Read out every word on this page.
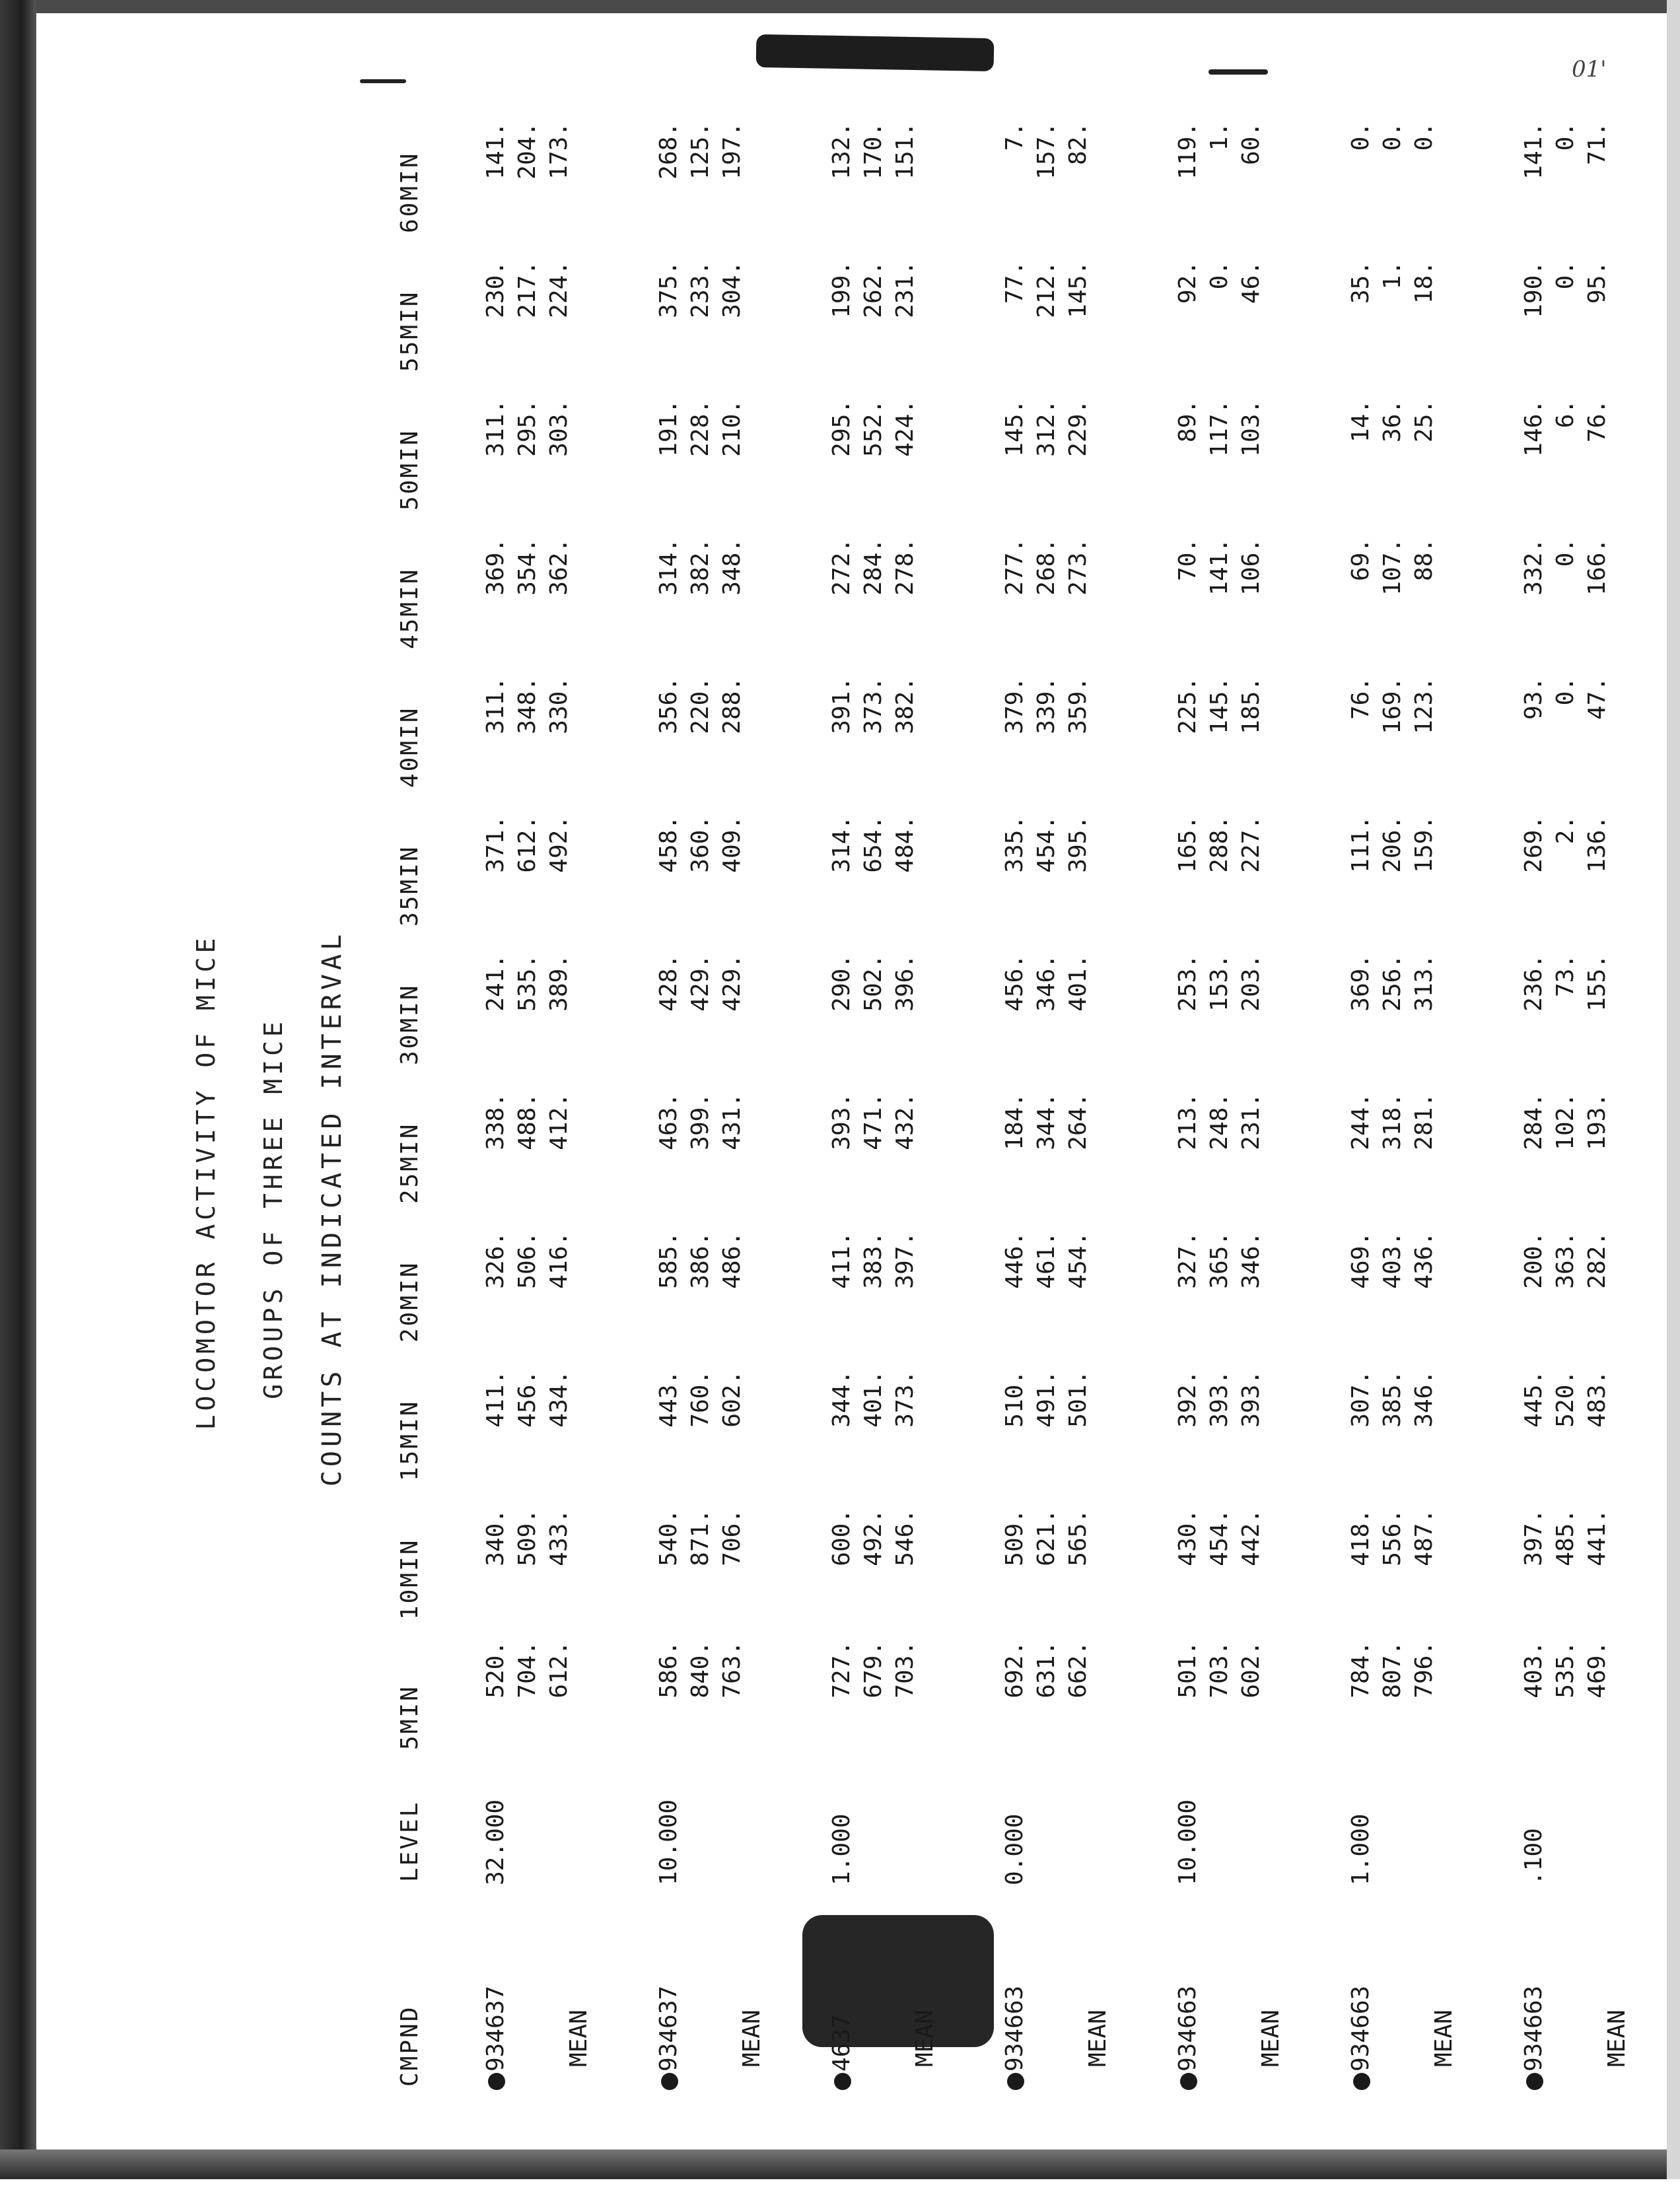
01'
LOCOMOTOR ACTIVITY OF MICE GROUPS OF THREE MICE COUNTS AT INDICATED INTERVAL
CMPND
LEVEL
5MIN
10MIN
15MIN
20MIN
25MIN
30MIN
35MIN
40MIN
45MIN
50MIN
55MIN
60MIN
934637
32.000
MEAN
520.
340.
411.
326.
338.
241.
371.
311.
369.
311.
230.
141.
704.
509.
456.
506.
488.
535.
612.
348.
354.
295.
217.
204.
612.
433.
434.
416.
412.
389.
492.
330.
362.
303.
224.
173.
934637
10.000
MEAN
586.
540.
443.
585.
463.
428.
458.
356.
314.
191.
375.
268.
840.
871.
760.
386.
399.
429.
360.
220.
382.
228.
233.
125.
763.
706.
602.
486.
431.
429.
409.
288.
348.
210.
304.
197.
4637
1.000
MEAN
727.
600.
344.
411.
393.
290.
314.
391.
272.
295.
199.
132.
679.
492.
401.
383.
471.
502.
654.
373.
284.
552.
262.
170.
703.
546.
373.
397.
432.
396.
484.
382.
278.
424.
231.
151.
934663
0.000
MEAN
692.
509.
510.
446.
184.
456.
335.
379.
277.
145.
77.
7.
631.
621.
491.
461.
344.
346.
454.
339.
268.
312.
212.
157.
662.
565.
501.
454.
264.
401.
395.
359.
273.
229.
145.
82.
934663
10.000
MEAN
501.
430.
392.
327.
213.
253.
165.
225.
70.
89.
92.
119.
703.
454.
393.
365.
248.
153.
288.
145.
141.
117.
0.
1.
602.
442.
393.
346.
231.
203.
227.
185.
106.
103.
46.
60.
934663
1.000
MEAN
784.
418.
307.
469.
244.
369.
111.
76.
69.
14.
35.
0.
807.
556.
385.
403.
318.
256.
206.
169.
107.
36.
1.
0.
796.
487.
346.
436.
281.
313.
159.
123.
88.
25.
18.
0.
934663
.100
MEAN
403.
397.
445.
200.
284.
236.
269.
93.
332.
146.
190.
141.
535.
485.
520.
363.
102.
73.
2.
0.
0.
6.
0.
0.
469.
441.
483.
282.
193.
155.
136.
47.
166.
76.
95.
71.
